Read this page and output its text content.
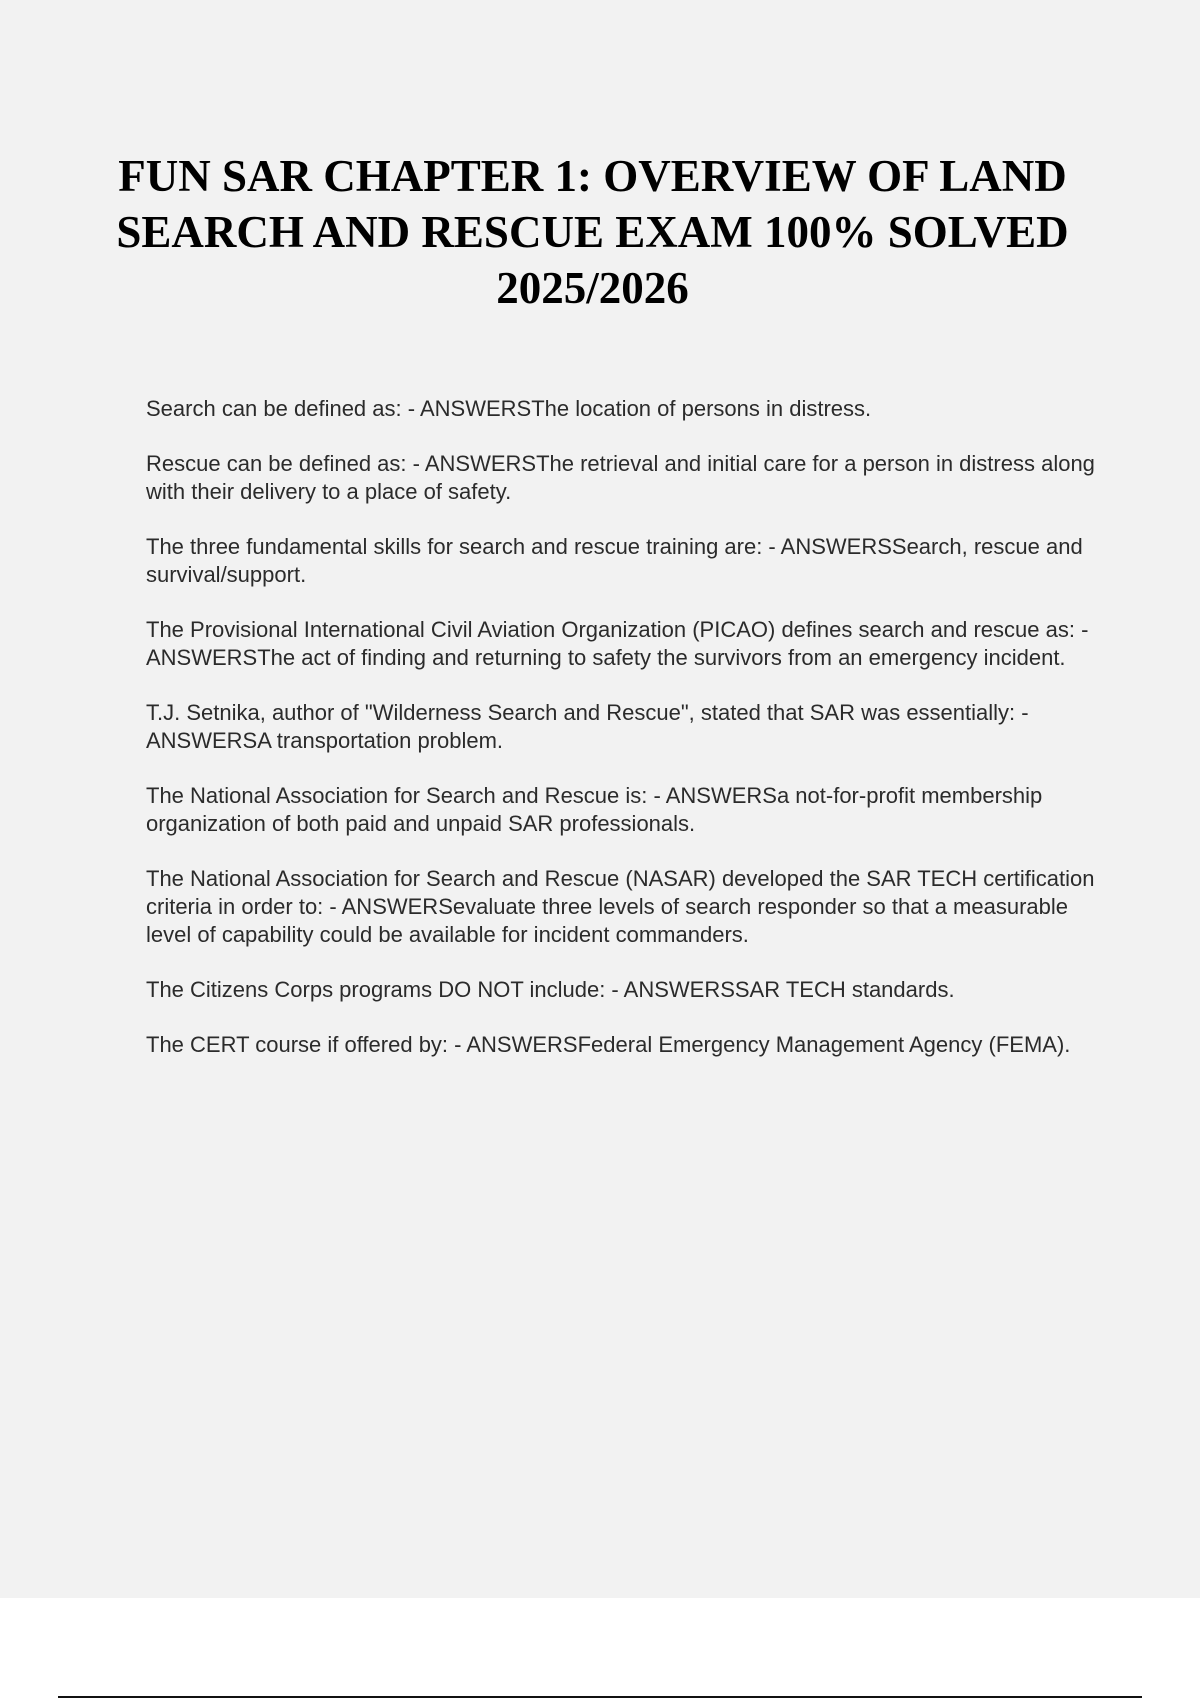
FUN SAR CHAPTER 1: OVERVIEW OF LAND SEARCH AND RESCUE EXAM 100% SOLVED 2025/2026
Search can be defined as: - ANSWERSThe location of persons in distress.
Rescue can be defined as: - ANSWERSThe retrieval and initial care for a person in distress along with their delivery to a place of safety.
The three fundamental skills for search and rescue training are: - ANSWERSSearch, rescue and survival/support.
The Provisional International Civil Aviation Organization (PICAO) defines search and rescue as: - ANSWERSThe act of finding and returning to safety the survivors from an emergency incident.
T.J. Setnika, author of "Wilderness Search and Rescue", stated that SAR was essentially: - ANSWERSA transportation problem.
The National Association for Search and Rescue is: - ANSWERSa not-for-profit membership organization of both paid and unpaid SAR professionals.
The National Association for Search and Rescue (NASAR) developed the SAR TECH certification criteria in order to: - ANSWERSevaluate three levels of search responder so that a measurable level of capability could be available for incident commanders.
The Citizens Corps programs DO NOT include: - ANSWERSSAR TECH standards.
The CERT course if offered by: - ANSWERSFederal Emergency Management Agency (FEMA).
